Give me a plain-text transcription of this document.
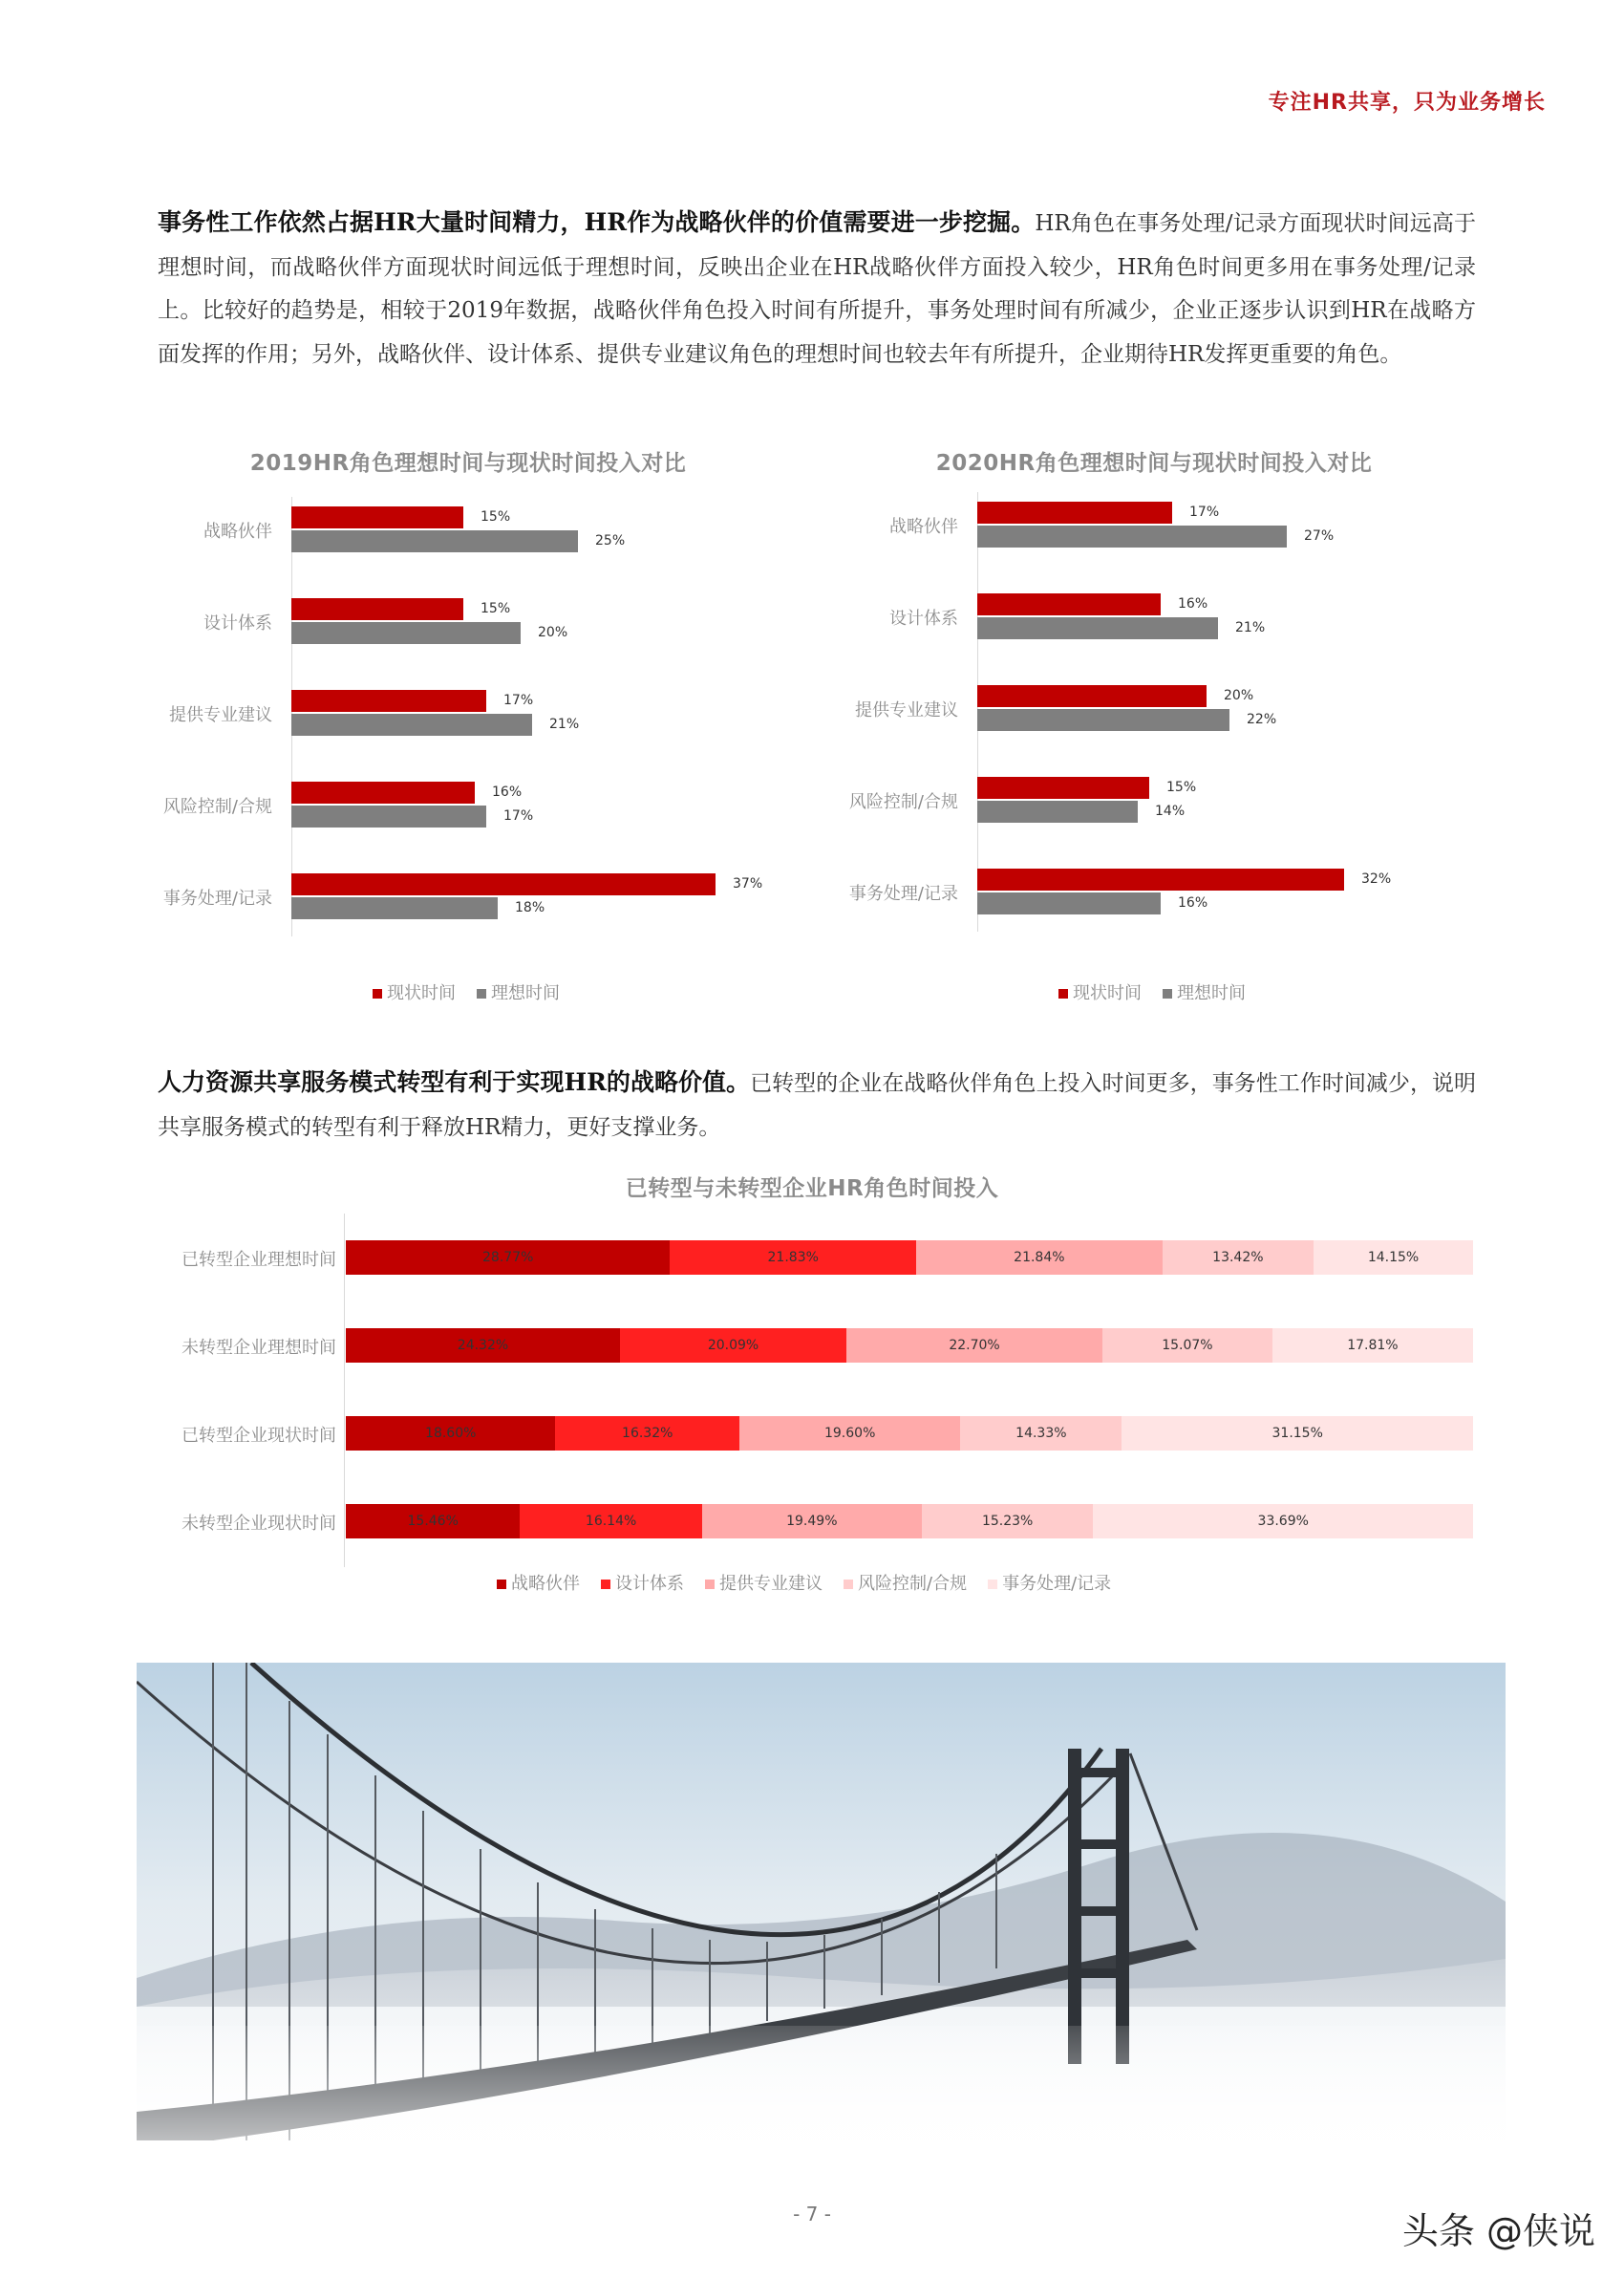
专注HR共享，只为业务增长
事务性工作依然占据HR大量时间精力，HR作为战略伙伴的价值需要进一步挖掘。HR角色在事务处理/记录方面现状时间远高于理想时间，而战略伙伴方面现状时间远低于理想时间，反映出企业在HR战略伙伴方面投入较少，HR角色时间更多用在事务处理/记录上。比较好的趋势是，相较于2019年数据，战略伙伴角色投入时间有所提升，事务处理时间有所减少，企业正逐步认识到HR在战略方面发挥的作用；另外，战略伙伴、设计体系、提供专业建议角色的理想时间也较去年有所提升，企业期待HR发挥更重要的角色。
2019HR角色理想时间与现状时间投入对比
战略伙伴
15%
25%
设计体系
15%
20%
提供专业建议
17%
21%
风险控制/合规
16%
17%
事务处理/记录
37%
18%
现状时间	理想时间
2020HR角色理想时间与现状时间投入对比
战略伙伴
17%
27%
设计体系
16%
21%
提供专业建议
20%
22%
风险控制/合规
15%
14%
事务处理/记录
32%
16%
现状时间	理想时间
人力资源共享服务模式转型有利于实现HR的战略价值。已转型的企业在战略伙伴角色上投入时间更多，事务性工作时间减少，说明共享服务模式的转型有利于释放HR精力，更好支撑业务。
已转型与未转型企业HR角色时间投入
已转型企业理想时间	28.77%	21.83%	21.84%	13.42%	14.15%
未转型企业理想时间	24.32%	20.09%	22.70%	15.07%	17.81%
已转型企业现状时间	18.60%	16.32%	19.60%	14.33%	31.15%
未转型企业现状时间	15.46%	16.14%	19.49%	15.23%	33.69%
战略伙伴	设计体系	提供专业建议	风险控制/合规	事务处理/记录
- 7 -	头条 @侠说
